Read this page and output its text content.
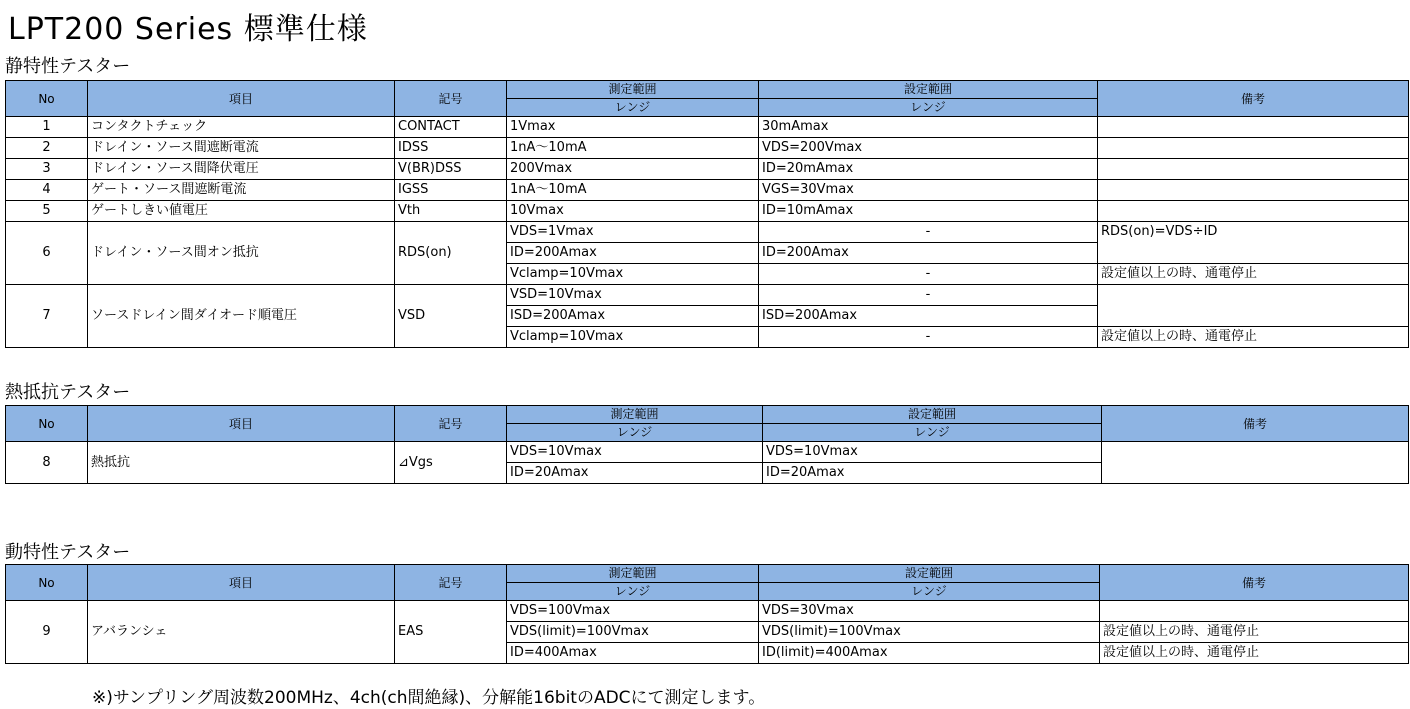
LPT200 Series 標準仕様
静特性テスター
No	項目	記号	測定範囲	設定範囲	備考
			レンジ	レンジ	
1	コンタクトチェック	CONTACT	1Vmax	30mAmax	
2	ドレイン・ソース間遮断電流	IDSS	1nA～10mA	VDS=200Vmax	
3	ドレイン・ソース間降伏電圧	V(BR)DSS	200Vmax	ID=20mAmax	
4	ゲート・ソース間遮断電流	IGSS	1nA～10mA	VGS=30Vmax	
5	ゲートしきい値電圧	Vth	10Vmax	ID=10mAmax	
6	ドレイン・ソース間オン抵抗	RDS(on)	VDS=1Vmax	-	RDS(on)=VDS÷ID
			ID=200Amax	ID=200Amax	
			Vclamp=10Vmax	-	設定値以上の時、通電停止
7	ソースドレイン間ダイオード順電圧	VSD	VSD=10Vmax	-	
			ISD=200Amax	ISD=200Amax	
			Vclamp=10Vmax	-	設定値以上の時、通電停止
熱抵抗テスター
No	項目	記号	測定範囲	設定範囲	備考
			レンジ	レンジ	
8	熱抵抗	⊿Vgs	VDS=10Vmax	VDS=10Vmax	
			ID=20Amax	ID=20Amax	
動特性テスター
No	項目	記号	測定範囲	設定範囲	備考
			レンジ	レンジ	
9	アバランシェ	EAS	VDS=100Vmax	VDS=30Vmax	
			VDS(limit)=100Vmax	VDS(limit)=100Vmax	設定値以上の時、通電停止
			ID=400Amax	ID(limit)=400Amax	設定値以上の時、通電停止
※)サンプリング周波数200MHz、4ch(ch間絶縁)、分解能16bitのADCにて測定します。
